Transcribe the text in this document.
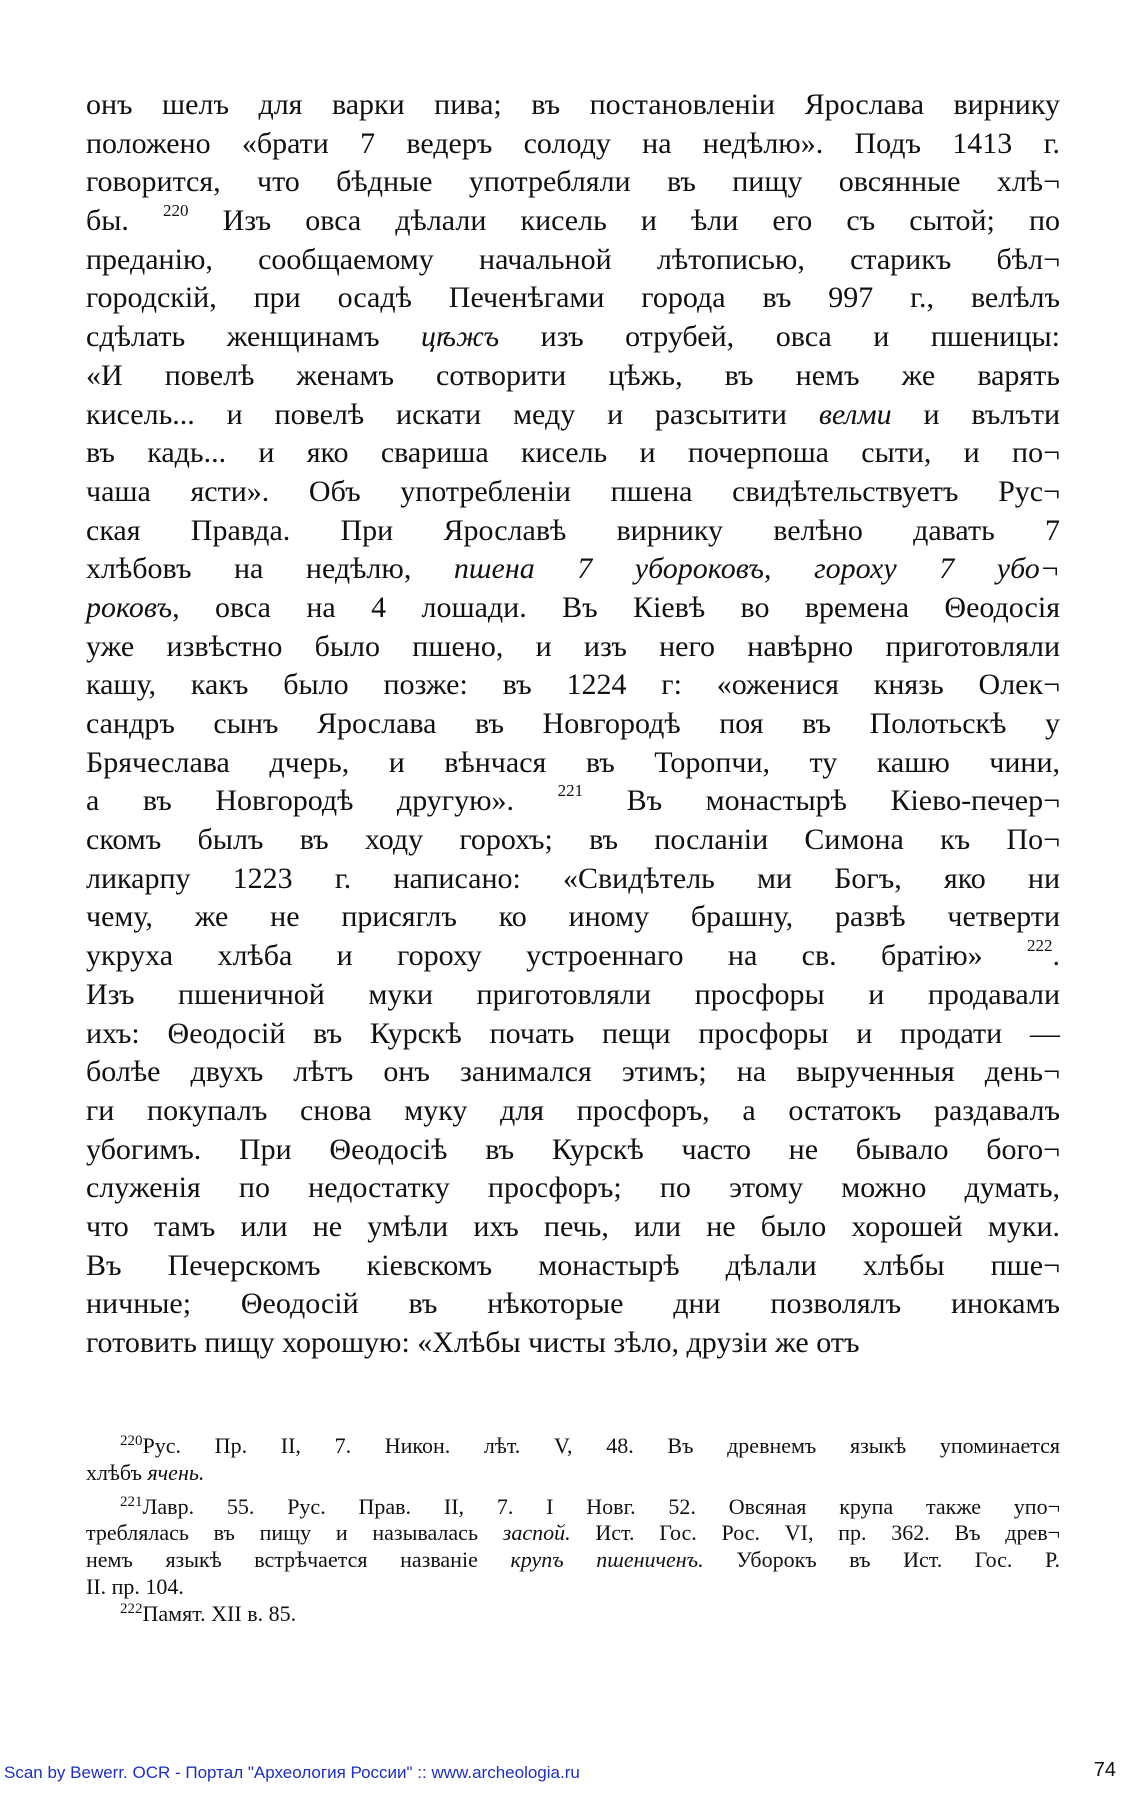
онъ шелъ для варки пива; въ постановленіи Ярослава вирнику
положено «брати 7 ведеръ солоду на недѣлю». Подъ 1413 г.
говорится, что бѣдные употребляли въ пищу овсянные хлѣ¬
бы. $^{220}$ Изъ овса дѣлали кисель и ѣли его съ сытой; по
преданію, сообщаемому начальной лѣтописью, старикъ бѣл¬
городскій, при осадѣ Печенѣгами города въ 997 г., велѣлъ
сдѣлать женщинамъ цѣжъ изъ отрубей, овса и пшеницы:
«И повелѣ женамъ сотворити цѣжь, въ немъ же варять
кисель... и повелѣ искати меду и разсытити велми и вълъти
въ кадь... и яко свариша кисель и почерпоша сыти, и по¬
чаша ясти». Объ употребленіи пшена свидѣтельствуетъ Рус¬
ская Правда. При Ярославѣ вирнику велѣно давать 7
хлѣбовъ на недѣлю, пшена 7 убороковъ, гороху 7 убо¬
роковъ, овса на 4 лошади. Въ Кіевѣ во времена Θеодосія
уже извѣстно было пшено, и изъ него навѣрно приготовляли
кашу, какъ было позже: въ 1224 г: «оженися князь Олек¬
сандръ сынъ Ярослава въ Новгородѣ поя въ Полотьскѣ у
Брячеслава дчерь, и вѣнчася въ Торопчи, ту кашю чини,
а въ Новгородѣ другую».	$^{221}$ Въ монастырѣ Кіево-печер¬
скомъ былъ въ ходу горохъ; въ посланіи Симона къ По¬
ликарпу 1223 г. написано: «Свидѣтель ми Богъ, яко ни
чему, же не присяглъ ко иному брашну, развѣ четверти
укруха хлѣба и гороху устроеннаго на св. братію»	$^{222}$.
Изъ пшеничной муки приготовляли просфоры и продавали
ихъ: Θеодосій въ Курскѣ почать пещи просфоры и продати —
болѣе двухъ лѣтъ онъ занимался этимъ; на вырученныя день¬
ги покупалъ снова муку для просфоръ, а остатокъ раздавалъ
убогимъ. При Θеодосіѣ въ Курскѣ часто не бывало бого¬
служенія по недостатку просфоръ; по этому можно думать,
что тамъ или не умѣли ихъ печь, или не было хорошей муки.
Въ Печерскомъ кіевскомъ монастырѣ дѣлали хлѣбы пше¬
ничные; Θеодосій въ нѣкоторые дни позволялъ инокамъ
готовить пищу хорошую: «Хлѣбы чисты зѣло, друзіи же отъ
$^{220}$Рус. Пр. II, 7. Никон. лѣт. V, 48. Въ древнемъ языкѣ упоминается
хлѣбъ ячень.
$^{221}$Лавр. 55. Рус. Прав. II, 7. I Новг. 52. Овсяная крупа также упо¬
треблялась въ пищу и называлась заспой. Ист. Гос. Рос. VI, пр. 362. Въ древ¬
немъ языкѣ встрѣчается названіе крупъ пшениченъ. Уборокъ въ Ист. Гос. Р.
II. пр. 104.
$^{222}$Памят. XII в. 85.
Scan by Bewerr. OCR - Портал "Археология России" :: www.archeologia.ru	74
